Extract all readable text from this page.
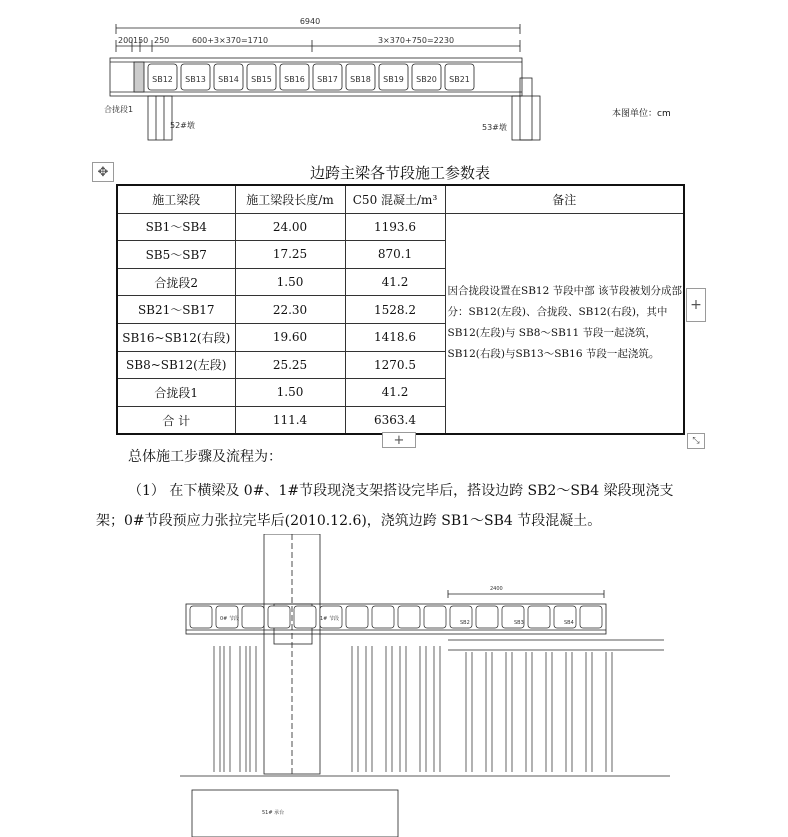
6940
200 150 250	600+3×370=1710	3×370+750=2230
合拢段1
52#墩	53#墩
SB12 SB13 SB14 SB15 SB16 SB17 SB18 SB19 SB20 SB21
本图单位：cm
✥	边跨主梁各节段施工参数表
施工梁段	施工梁段长度/m	C50 混凝土/m³	备注
SB1～SB4	24.00	1193.6	因合拢段设置在SB12 节段中部 该节段被划分成部分：SB12(左段)、合拢段、SB12(右段)，其中SB12(左段)与 SB8～SB11 节段一起浇筑，SB12(右段)与SB13～SB16 节段一起浇筑。
SB5～SB7	17.25	870.1	
合拢段2	1.50	41.2	
SB21～SB17	22.30	1528.2	
SB16~SB12(右段)	19.60	1418.6	
SB8~SB12(左段)	25.25	1270.5	
合拢段1	1.50	41.2	
合 计	111.4	6363.4	
+
+	⤡
总体施工步骤及流程为：
（1） 在下横梁及 0#、1#节段现浇支架搭设完毕后，搭设边跨 SB2～SB4 梁段现浇支
架；0#节段预应力张拉完毕后(2010.12.6)，浇筑边跨 SB1～SB4 节段混凝土。
2400
SB2	SB3	SB4
0# 节段	1# 节段
51# 承台
